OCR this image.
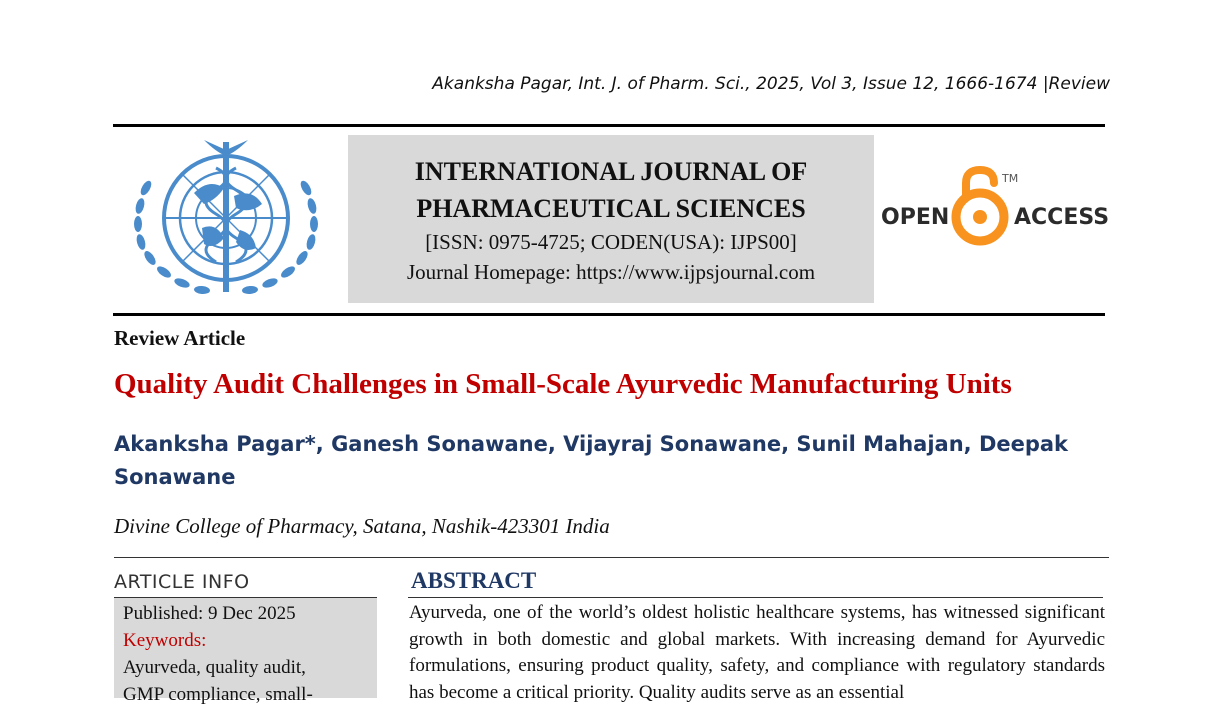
Akanksha Pagar, Int. J. of Pharm. Sci., 2025, Vol 3, Issue 12, 1666-1674 |Review
INTERNATIONAL JOURNAL OF
PHARMACEUTICAL SCIENCES
[ISSN: 0975-4725; CODEN(USA): IJPS00]
Journal Homepage: https://www.ijpsjournal.com
OPEN
TM
ACCESS
Review Article
Quality Audit Challenges in Small-Scale Ayurvedic Manufacturing Units
Akanksha Pagar*, Ganesh Sonawane, Vijayraj Sonawane, Sunil Mahajan, Deepak Sonawane
Divine College of Pharmacy, Satana, Nashik-423301 India
ARTICLE INFO
Published: 9 Dec 2025
Keywords:
Ayurveda, quality audit,
GMP compliance, small-
ABSTRACT
Ayurveda, one of the world’s oldest holistic healthcare systems, has witnessed significant growth in both domestic and global markets. With increasing demand for Ayurvedic formulations, ensuring product quality, safety, and compliance with regulatory standards has become a critical priority. Quality audits serve as an essential
